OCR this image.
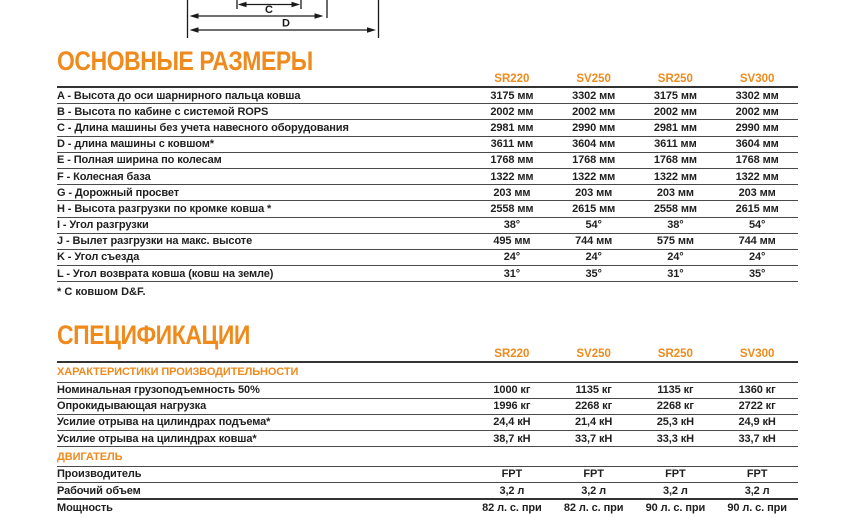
C
D
ОСНОВНЫЕ РАЗМЕРЫ
	SR220	SV250	SR250	SV300
A - Высота до оси шарнирного пальца ковша	3175 мм	3302 мм	3175 мм	3302 мм
B - Высота по кабине с системой ROPS	2002 мм	2002 мм	2002 мм	2002 мм
C - Длина машины без учета навесного оборудования	2981 мм	2990 мм	2981 мм	2990 мм
D - длина машины с ковшом*	3611 мм	3604 мм	3611 мм	3604 мм
E - Полная ширина по колесам	1768 мм	1768 мм	1768 мм	1768 мм
F - Колесная база	1322 мм	1322 мм	1322 мм	1322 мм
G - Дорожный просвет	203 мм	203 мм	203 мм	203 мм
H - Высота разгрузки по кромке ковша *	2558 мм	2615 мм	2558 мм	2615 мм
I - Угол разгрузки	38°	54°	38°	54°
J - Вылет разгрузки на макс. высоте	495 мм	744 мм	575 мм	744 мм
K - Угол съезда	24°	24°	24°	24°
L - Угол возврата ковша (ковш на земле)	31°	35°	31°	35°
* С ковшом D&F.
СПЕЦИФИКАЦИИ
	SR220	SV250	SR250	SV300
ХАРАКТЕРИСТИКИ ПРОИЗВОДИТЕЛЬНОСТИ				
Номинальная грузоподъемность 50%	1000 кг	1135 кг	1135 кг	1360 кг
Опрокидывающая нагрузка	1996 кг	2268 кг	2268 кг	2722 кг
Усилие отрыва на цилиндрах подъема*	24,4 кН	21,4 кН	25,3 кН	24,9 кН
Усилие отрыва на цилиндрах ковша*	38,7 кН	33,7 кН	33,3 кН	33,7 кН
ДВИГАТЕЛЬ				
Производитель	FPT	FPT	FPT	FPT
Рабочий объем	3,2 л	3,2 л	3,2 л	3,2 л
Мощность	82 л. с. при	82 л. с. при	90 л. с. при	90 л. с. при
